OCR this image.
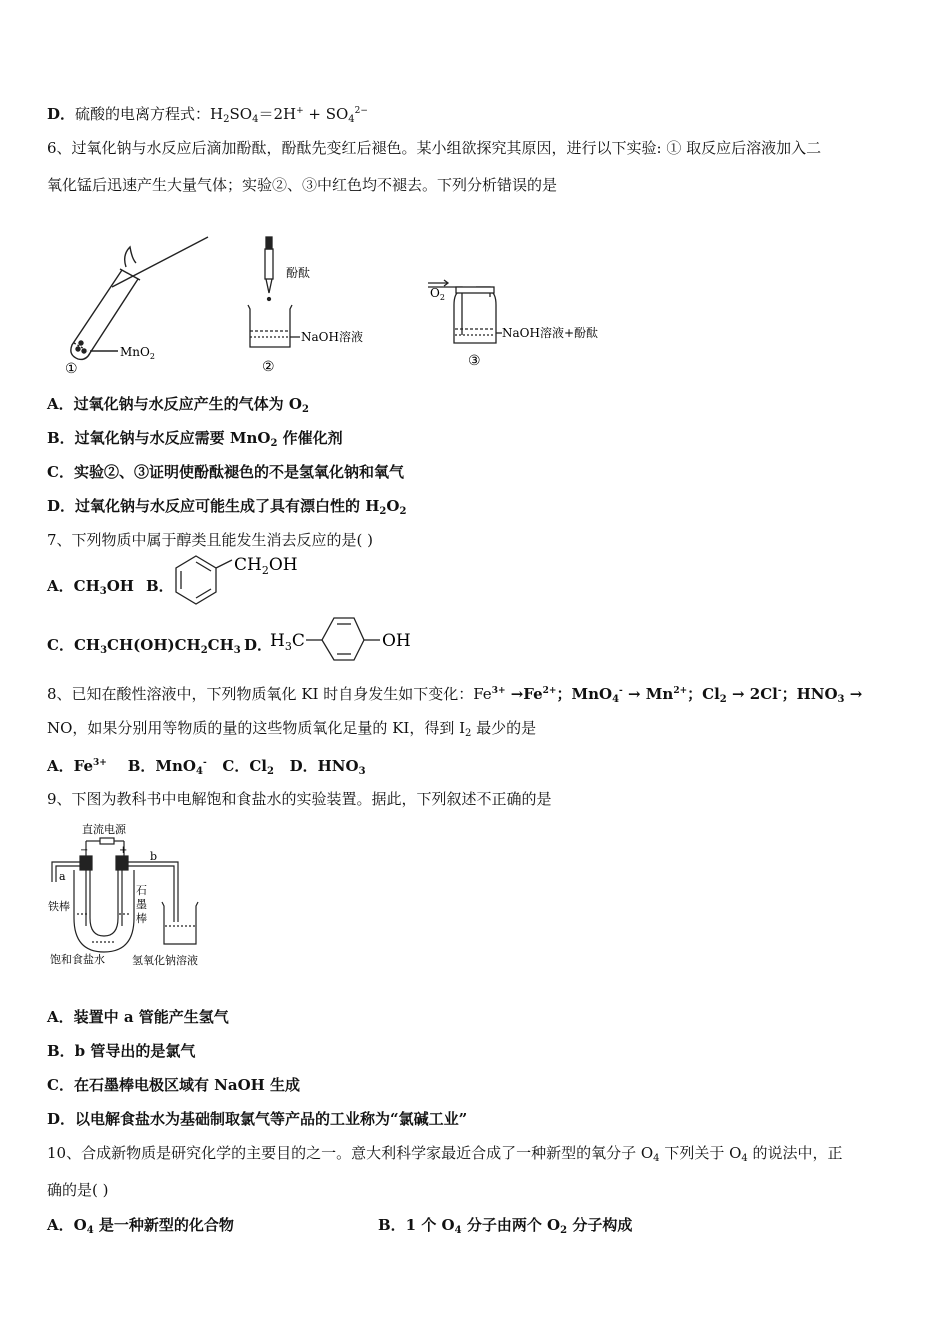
D．硫酸的电离方程式：$H_2SO_4=2H^+ + SO_4^{2-}$
6、过氧化钠与水反应后滴加酚酞，酚酞先变红后褪色。某小组欲探究其原因，进行以下实验: ① 取反应后溶液加入二
氧化锰后迅速产生大量气体；实验②、③中红色均不褪去。下列分析错误的是
MnO$_2$
①
酚酞
NaOH溶液
②
$O_2$
NaOH溶液+酚酞
③
A．过氧化钠与水反应产生的气体为 $O_2$
B．过氧化钠与水反应需要 MnO$_2$ 作催化剂
C．实验②、③证明使酚酞褪色的不是氢氧化钠和氧气
D．过氧化钠与水反应可能生成了具有漂白性的 $H_2O_2$
7、下列物质中属于醇类且能发生消去反应的是( )
A．$CH_3OH$ B．
$CH_2OH$
C．$CH_3CH(OH)CH_2CH_3$ D．
$H_3C$	OH
8、已知在酸性溶液中，下列物质氧化 KI 时自身发生如下变化：$Fe^{3+} \to Fe^{2+}$；$MnO_4^- \to Mn^{2+}$；$Cl_2 \to 2Cl^-$；$HNO_3$ →
NO，如果分别用等物质的量的这些物质氧化足量的 KI，得到 $I_2$ 最少的是
A．$Fe^{3+}$ B．MnO$_4$- C．$Cl_2$ D．$HNO_3$
9、下图为教科书中电解饱和食盐水的实验装置。据此，下列叙述不正确的是
直流电源
−	+
a
b
铁棒
石
墨
棒
饱和食盐水 氢氧化钠溶液
A．装置中 a 管能产生氢气
B．b 管导出的是氯气
C．在石墨棒电极区域有 NaOH 生成
D．以电解食盐水为基础制取氯气等产品的工业称为“氯碱工业”
10、合成新物质是研究化学的主要目的之一。意大利科学家最近合成了一种新型的氧分子 $O_4$ 下列关于 $O_4$ 的说法中，正
确的是( )
A．$O_4$ 是一种新型的化合物	B．1 个 $O_4$ 分子由两个 $O_2$ 分子构成
